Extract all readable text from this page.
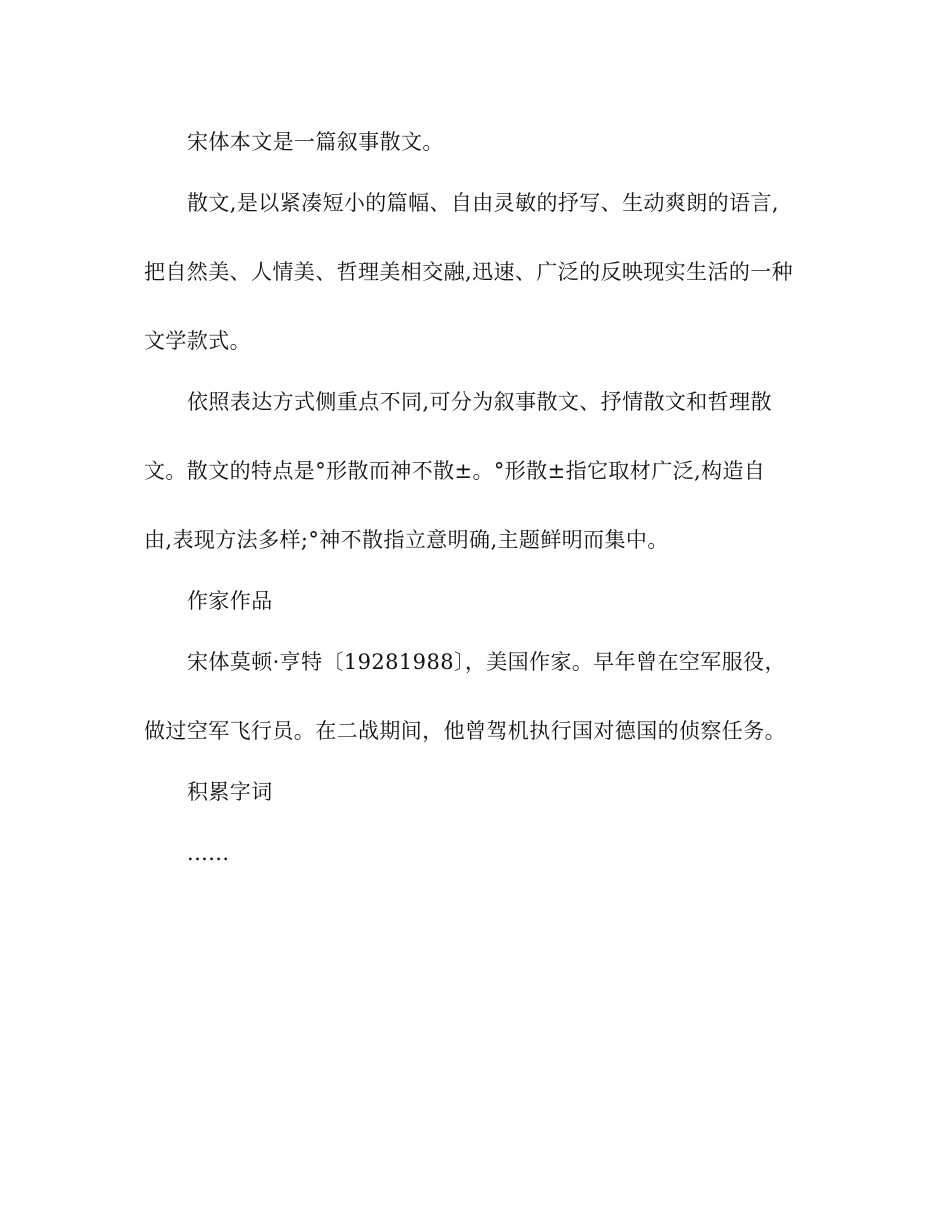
宋体本文是一篇叙事散文。
散文,是以紧凑短小的篇幅、自由灵敏的抒写、生动爽朗的语言,
把自然美、人情美、哲理美相交融,迅速、广泛的反映现实生活的一种
文学款式。
依照表达方式侧重点不同,可分为叙事散文、抒情散文和哲理散
文。散文的特点是°形散而神不散±。°形散±指它取材广泛,构造自
由,表现方法多样;°神不散指立意明确,主题鲜明而集中。
作家作品
宋体莫顿·亨特〔19281988〕，美国作家。早年曾在空军服役，
做过空军飞行员。在二战期间，他曾驾机执行国对德国的侦察任务。
积累字词
......
